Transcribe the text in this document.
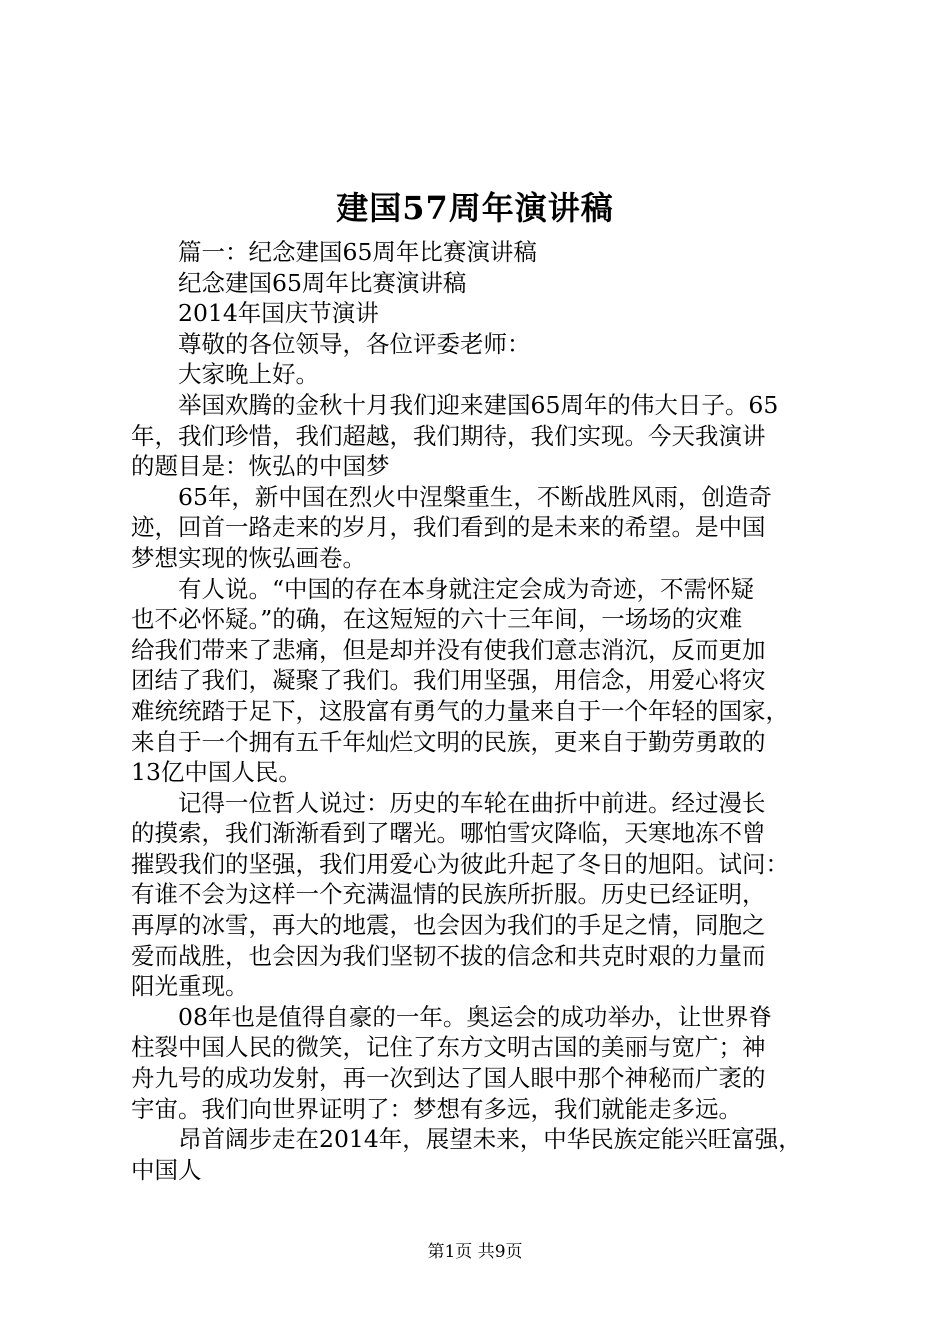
建国57周年演讲稿
篇一：纪念建国65周年比赛演讲稿
纪念建国65周年比赛演讲稿
2014年国庆节演讲
尊敬的各位领导，各位评委老师：
大家晚上好。
举国欢腾的金秋十月我们迎来建国65周年的伟大日子。65
年，我们珍惜，我们超越，我们期待，我们实现。今天我演讲
的题目是：恢弘的中国梦
65年，新中国在烈火中涅槃重生，不断战胜风雨，创造奇
迹，回首一路走来的岁月，我们看到的是未来的希望。是中国
梦想实现的恢弘画卷。
有人说。“中国的存在本身就注定会成为奇迹，不需怀疑
也不必怀疑。”的确，在这短短的六十三年间，一场场的灾难
给我们带来了悲痛，但是却并没有使我们意志消沉，反而更加
团结了我们，凝聚了我们。我们用坚强，用信念，用爱心将灾
难统统踏于足下，这股富有勇气的力量来自于一个年轻的国家，
来自于一个拥有五千年灿烂文明的民族，更来自于勤劳勇敢的
13亿中国人民。
记得一位哲人说过：历史的车轮在曲折中前进。经过漫长
的摸索，我们渐渐看到了曙光。哪怕雪灾降临，天寒地冻不曾
摧毁我们的坚强，我们用爱心为彼此升起了冬日的旭阳。试问：
有谁不会为这样一个充满温情的民族所折服。历史已经证明，
再厚的冰雪，再大的地震，也会因为我们的手足之情，同胞之
爱而战胜，也会因为我们坚韧不拔的信念和共克时艰的力量而
阳光重现。
08年也是值得自豪的一年。奥运会的成功举办，让世界脊
柱裂中国人民的微笑，记住了东方文明古国的美丽与宽广；神
舟九号的成功发射，再一次到达了国人眼中那个神秘而广袤的
宇宙。我们向世界证明了：梦想有多远，我们就能走多远。
昂首阔步走在2014年，展望未来，中华民族定能兴旺富强，
中国人
第1页 共9页
